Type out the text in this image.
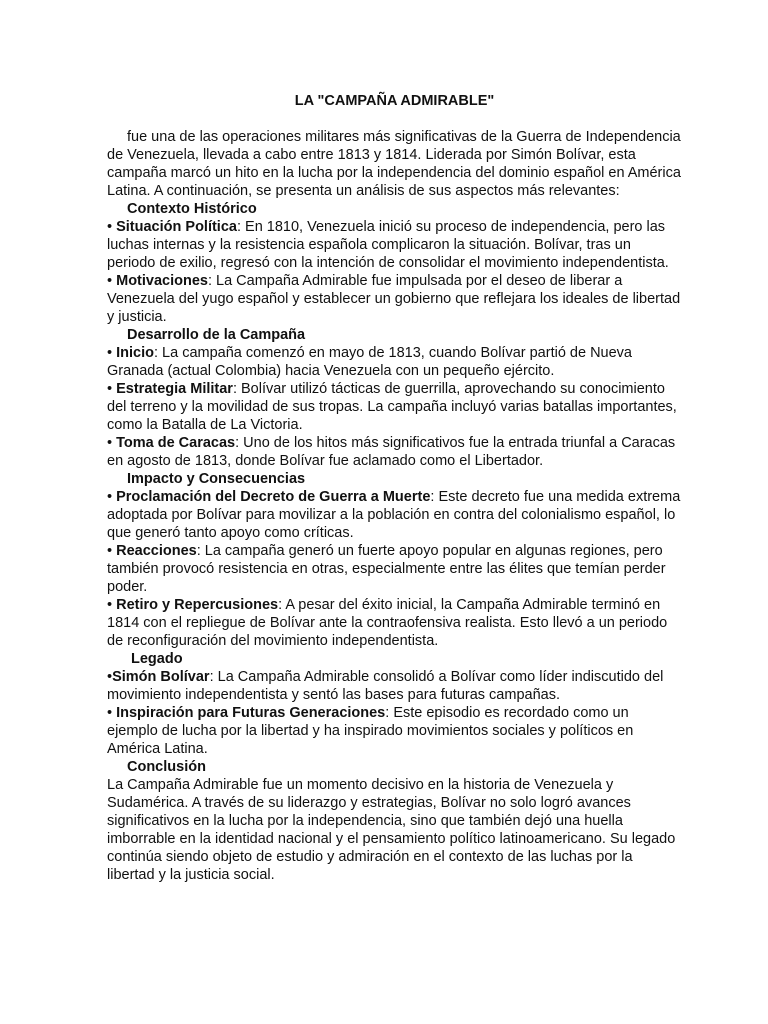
LA "CAMPAÑA ADMIRABLE"

fue una de las operaciones militares más significativas de la Guerra de Independencia de Venezuela, llevada a cabo entre 1813 y 1814. Liderada por Simón Bolívar, esta campaña marcó un hito en la lucha por la independencia del dominio español en América Latina. A continuación, se presenta un análisis de sus aspectos más relevantes:

Contexto Histórico

• Situación Política: En 1810, Venezuela inició su proceso de independencia, pero las luchas internas y la resistencia española complicaron la situación. Bolívar, tras un periodo de exilio, regresó con la intención de consolidar el movimiento independentista.

• Motivaciones: La Campaña Admirable fue impulsada por el deseo de liberar a Venezuela del yugo español y establecer un gobierno que reflejara los ideales de libertad y justicia.

Desarrollo de la Campaña

• Inicio: La campaña comenzó en mayo de 1813, cuando Bolívar partió de Nueva Granada (actual Colombia) hacia Venezuela con un pequeño ejército.

• Estrategia Militar: Bolívar utilizó tácticas de guerrilla, aprovechando su conocimiento del terreno y la movilidad de sus tropas. La campaña incluyó varias batallas importantes, como la Batalla de La Victoria.

• Toma de Caracas: Uno de los hitos más significativos fue la entrada triunfal a Caracas en agosto de 1813, donde Bolívar fue aclamado como el Libertador.

Impacto y Consecuencias

• Proclamación del Decreto de Guerra a Muerte: Este decreto fue una medida extrema adoptada por Bolívar para movilizar a la población en contra del colonialismo español, lo que generó tanto apoyo como críticas.

• Reacciones: La campaña generó un fuerte apoyo popular en algunas regiones, pero también provocó resistencia en otras, especialmente entre las élites que temían perder poder.

• Retiro y Repercusiones: A pesar del éxito inicial, la Campaña Admirable terminó en 1814 con el repliegue de Bolívar ante la contraofensiva realista. Esto llevó a un periodo de reconfiguración del movimiento independentista.

Legado

•Simón Bolívar: La Campaña Admirable consolidó a Bolívar como líder indiscutido del movimiento independentista y sentó las bases para futuras campañas.

• Inspiración para Futuras Generaciones: Este episodio es recordado como un ejemplo de lucha por la libertad y ha inspirado movimientos sociales y políticos en América Latina.

Conclusión

La Campaña Admirable fue un momento decisivo en la historia de Venezuela y Sudamérica. A través de su liderazgo y estrategias, Bolívar no solo logró avances significativos en la lucha por la independencia, sino que también dejó una huella imborrable en la identidad nacional y el pensamiento político latinoamericano. Su legado continúa siendo objeto de estudio y admiración en el contexto de las luchas por la libertad y la justicia social.
